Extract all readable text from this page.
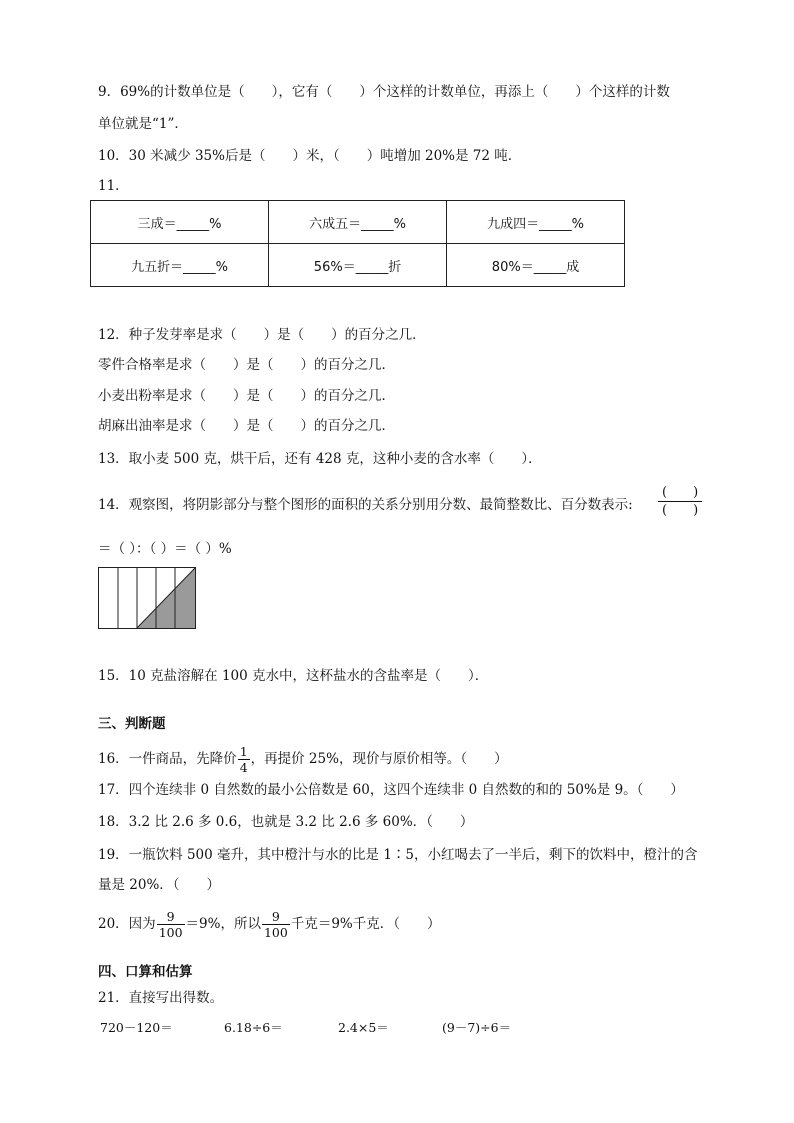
9．69%的计数单位是（　　），它有（　　）个这样的计数单位，再添上（　　）个这样的计数
单位就是“1”．
10．30 米减少 35%后是（　　）米，（　　）吨增加 20%是 72 吨．
11．
三成＝_____%	六成五＝_____%	九成四＝_____%
九五折＝_____%	56%＝_____折	80%＝_____成
12．种子发芽率是求（　　）是（　　）的百分之几．
零件合格率是求（　　）是（　　）的百分之几．
小麦出粉率是求（　　）是（　　）的百分之几．
胡麻出油率是求（　　）是（　　）的百分之几．
13．取小麦 500 克，烘干后，还有 428 克，这种小麦的含水率（　　）．
14．观察图，将阴影部分与整个图形的面积的关系分别用分数、最简整数比、百分数表示:
(　　)
(　　)
＝（ ）：（ ）＝（ ）%
15．10 克盐溶解在 100 克水中，这杯盐水的含盐率是（　　）．
三、判断题
16．一件商品，先降价 $\frac{1}{4}$ ，再提价 25%，现价与原价相等。（　　）
17．四个连续非 0 自然数的最小公倍数是 60，这四个连续非 0 自然数的和的 50%是 9。（　　）
18．3.2 比 2.6 多 0.6，也就是 3.2 比 2.6 多 60%．（　　）
19．一瓶饮料 500 毫升，其中橙汁与水的比是 1∶5，小红喝去了一半后，剩下的饮料中，橙汁的含
量是 20%．（　　）
20．因为 $\frac{9}{100} =9\%$，所以 $\frac{9}{100}$ 千克＝9%千克．（　　）
四、口算和估算
21．直接写出得数。
720－120＝	6.18÷6＝	2.4×5＝	(9－7)÷6＝
